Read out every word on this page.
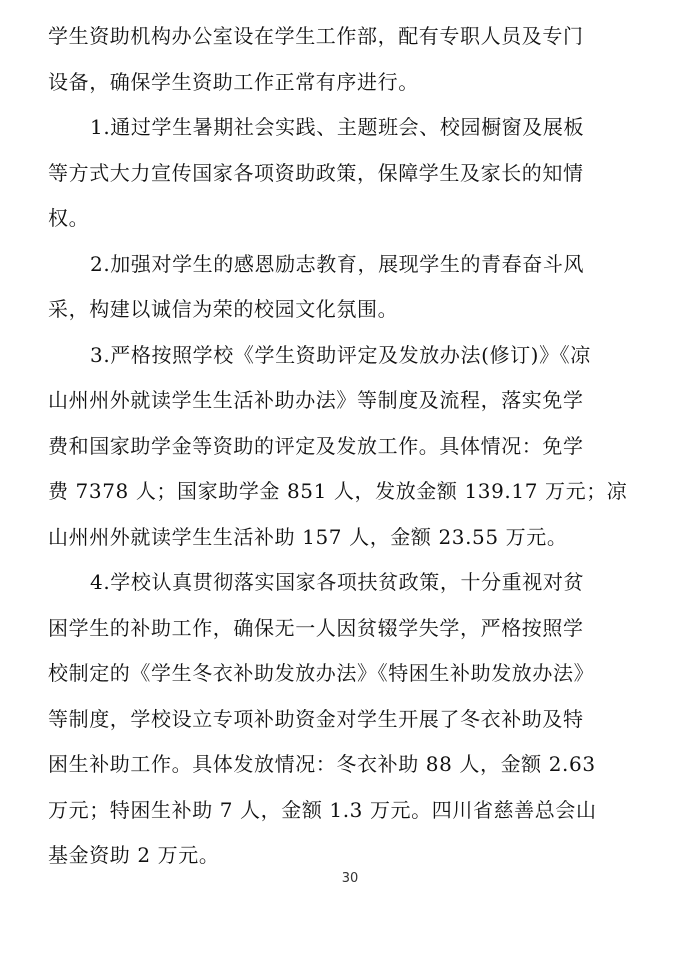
学生资助机构办公室设在学生工作部，配有专职人员及专门
设备，确保学生资助工作正常有序进行。
1.通过学生暑期社会实践、主题班会、校园橱窗及展板
等方式大力宣传国家各项资助政策，保障学生及家长的知情
权。
2.加强对学生的感恩励志教育，展现学生的青春奋斗风
采，构建以诚信为荣的校园文化氛围。
3.严格按照学校《学生资助评定及发放办法(修订)》《凉
山州州外就读学生生活补助办法》等制度及流程，落实免学
费和国家助学金等资助的评定及发放工作。具体情况：免学
费 7378 人；国家助学金 851 人，发放金额 139.17 万元；凉
山州州外就读学生生活补助 157 人，金额 23.55 万元。
4.学校认真贯彻落实国家各项扶贫政策，十分重视对贫
困学生的补助工作，确保无一人因贫辍学失学，严格按照学
校制定的《学生冬衣补助发放办法》《特困生补助发放办法》
等制度，学校设立专项补助资金对学生开展了冬衣补助及特
困生补助工作。具体发放情况：冬衣补助 88 人，金额 2.63
万元；特困生补助 7 人，金额 1.3 万元。四川省慈善总会山
基金资助 2 万元。
30
